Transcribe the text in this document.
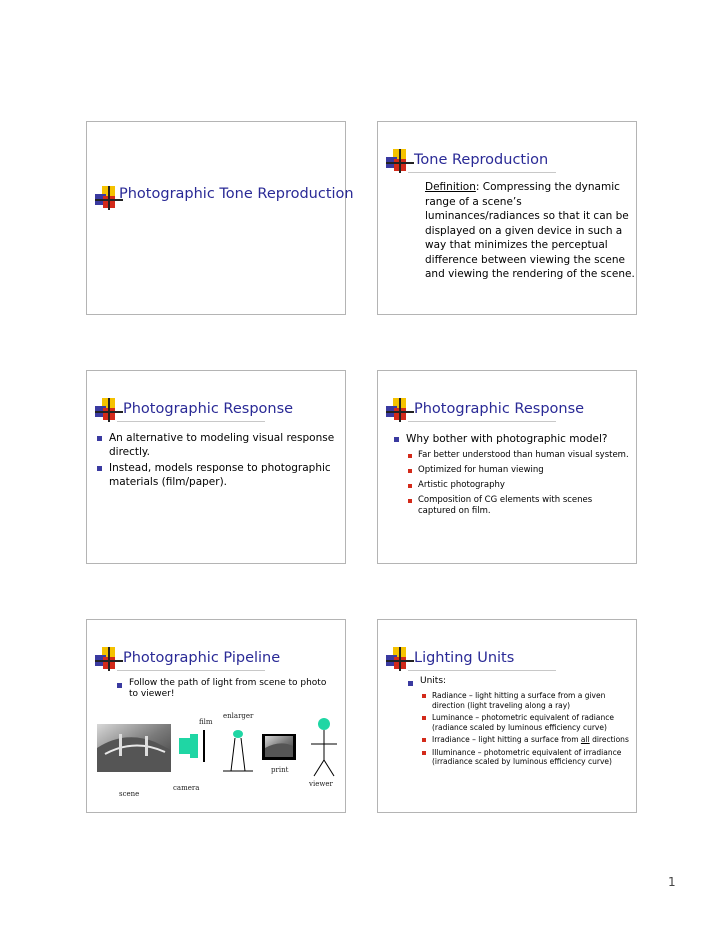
Photographic Tone Reproduction
Tone Reproduction
Definition: Compressing the dynamic range of a scene’s luminances/radiances so that it can be displayed on a given device in such a way that minimizes the perceptual difference between viewing the scene and viewing the rendering of the scene.
Photographic Response
An alternative to modeling visual response directly.
Instead, models response to photographic materials (film/paper).
Photographic Response
Why bother with photographic model?
Far better understood than human visual system.
Optimized for human viewing
Artistic photography
Composition of CG elements with scenes captured on film.
Photographic Pipeline
Follow the path of light from scene to photo to viewer!
film
enlarger
print
viewer
camera
scene
Lighting Units
Units:
Radiance – light hitting a surface from a given direction (light traveling along a ray)
Luminance – photometric equivalent of radiance (radiance scaled by luminous efficiency curve)
Irradiance – light hitting a surface from all directions
Illuminance – photometric equivalent of irradiance (irradiance scaled by luminous efficiency curve)
1
